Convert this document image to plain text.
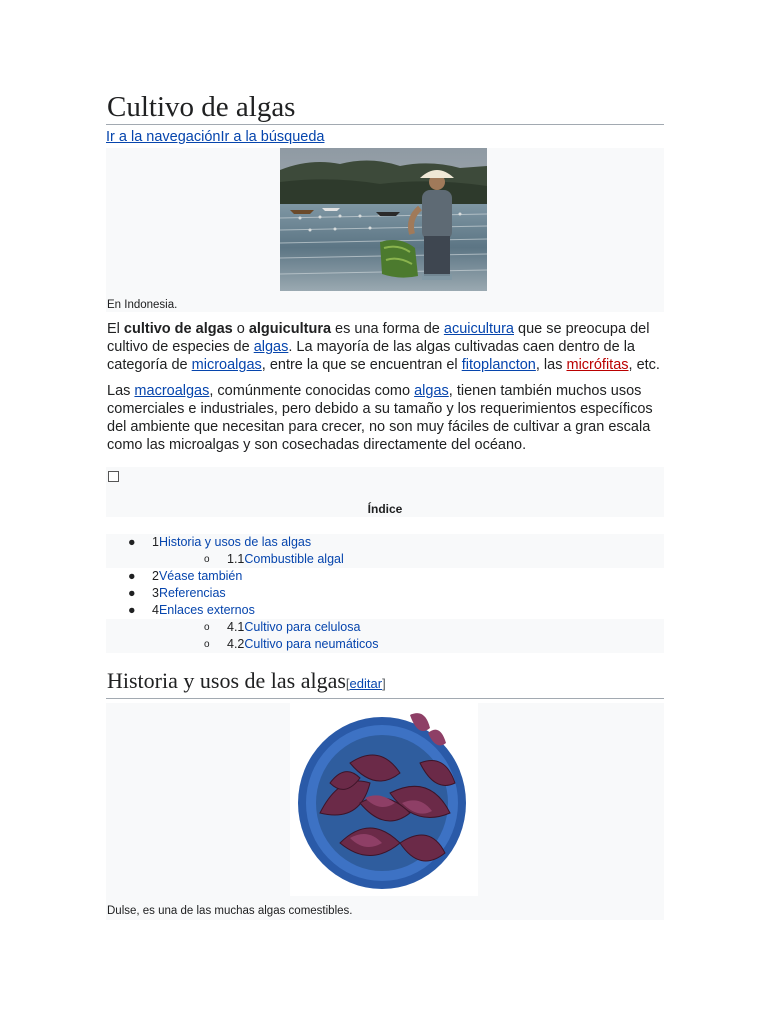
Cultivo de algas
Ir a la navegaciónIr a la búsqueda
En Indonesia.

El cultivo de algas o alguicultura es una forma de acuicultura que se preocupa del cultivo de especies de algas. La mayoría de las algas cultivadas caen dentro de la categoría de microalgas, entre la que se encuentran el fitoplancton, las micrófitas, etc.

Las macroalgas, comúnmente conocidas como algas, tienen también muchos usos comerciales e industriales, pero debido a su tamaño y los requerimientos específicos del ambiente que necesitan para crecer, no son muy fáciles de cultivar a gran escala como las microalgas y son cosechadas directamente del océano.

Índice
● 1Historia y usos de las algas
o 1.1Combustible algal
● 2Véase también
● 3Referencias
● 4Enlaces externos
o 4.1Cultivo para celulosa
o 4.2Cultivo para neumáticos
Historia y usos de las algas[editar]
Dulse, es una de las muchas algas comestibles.
